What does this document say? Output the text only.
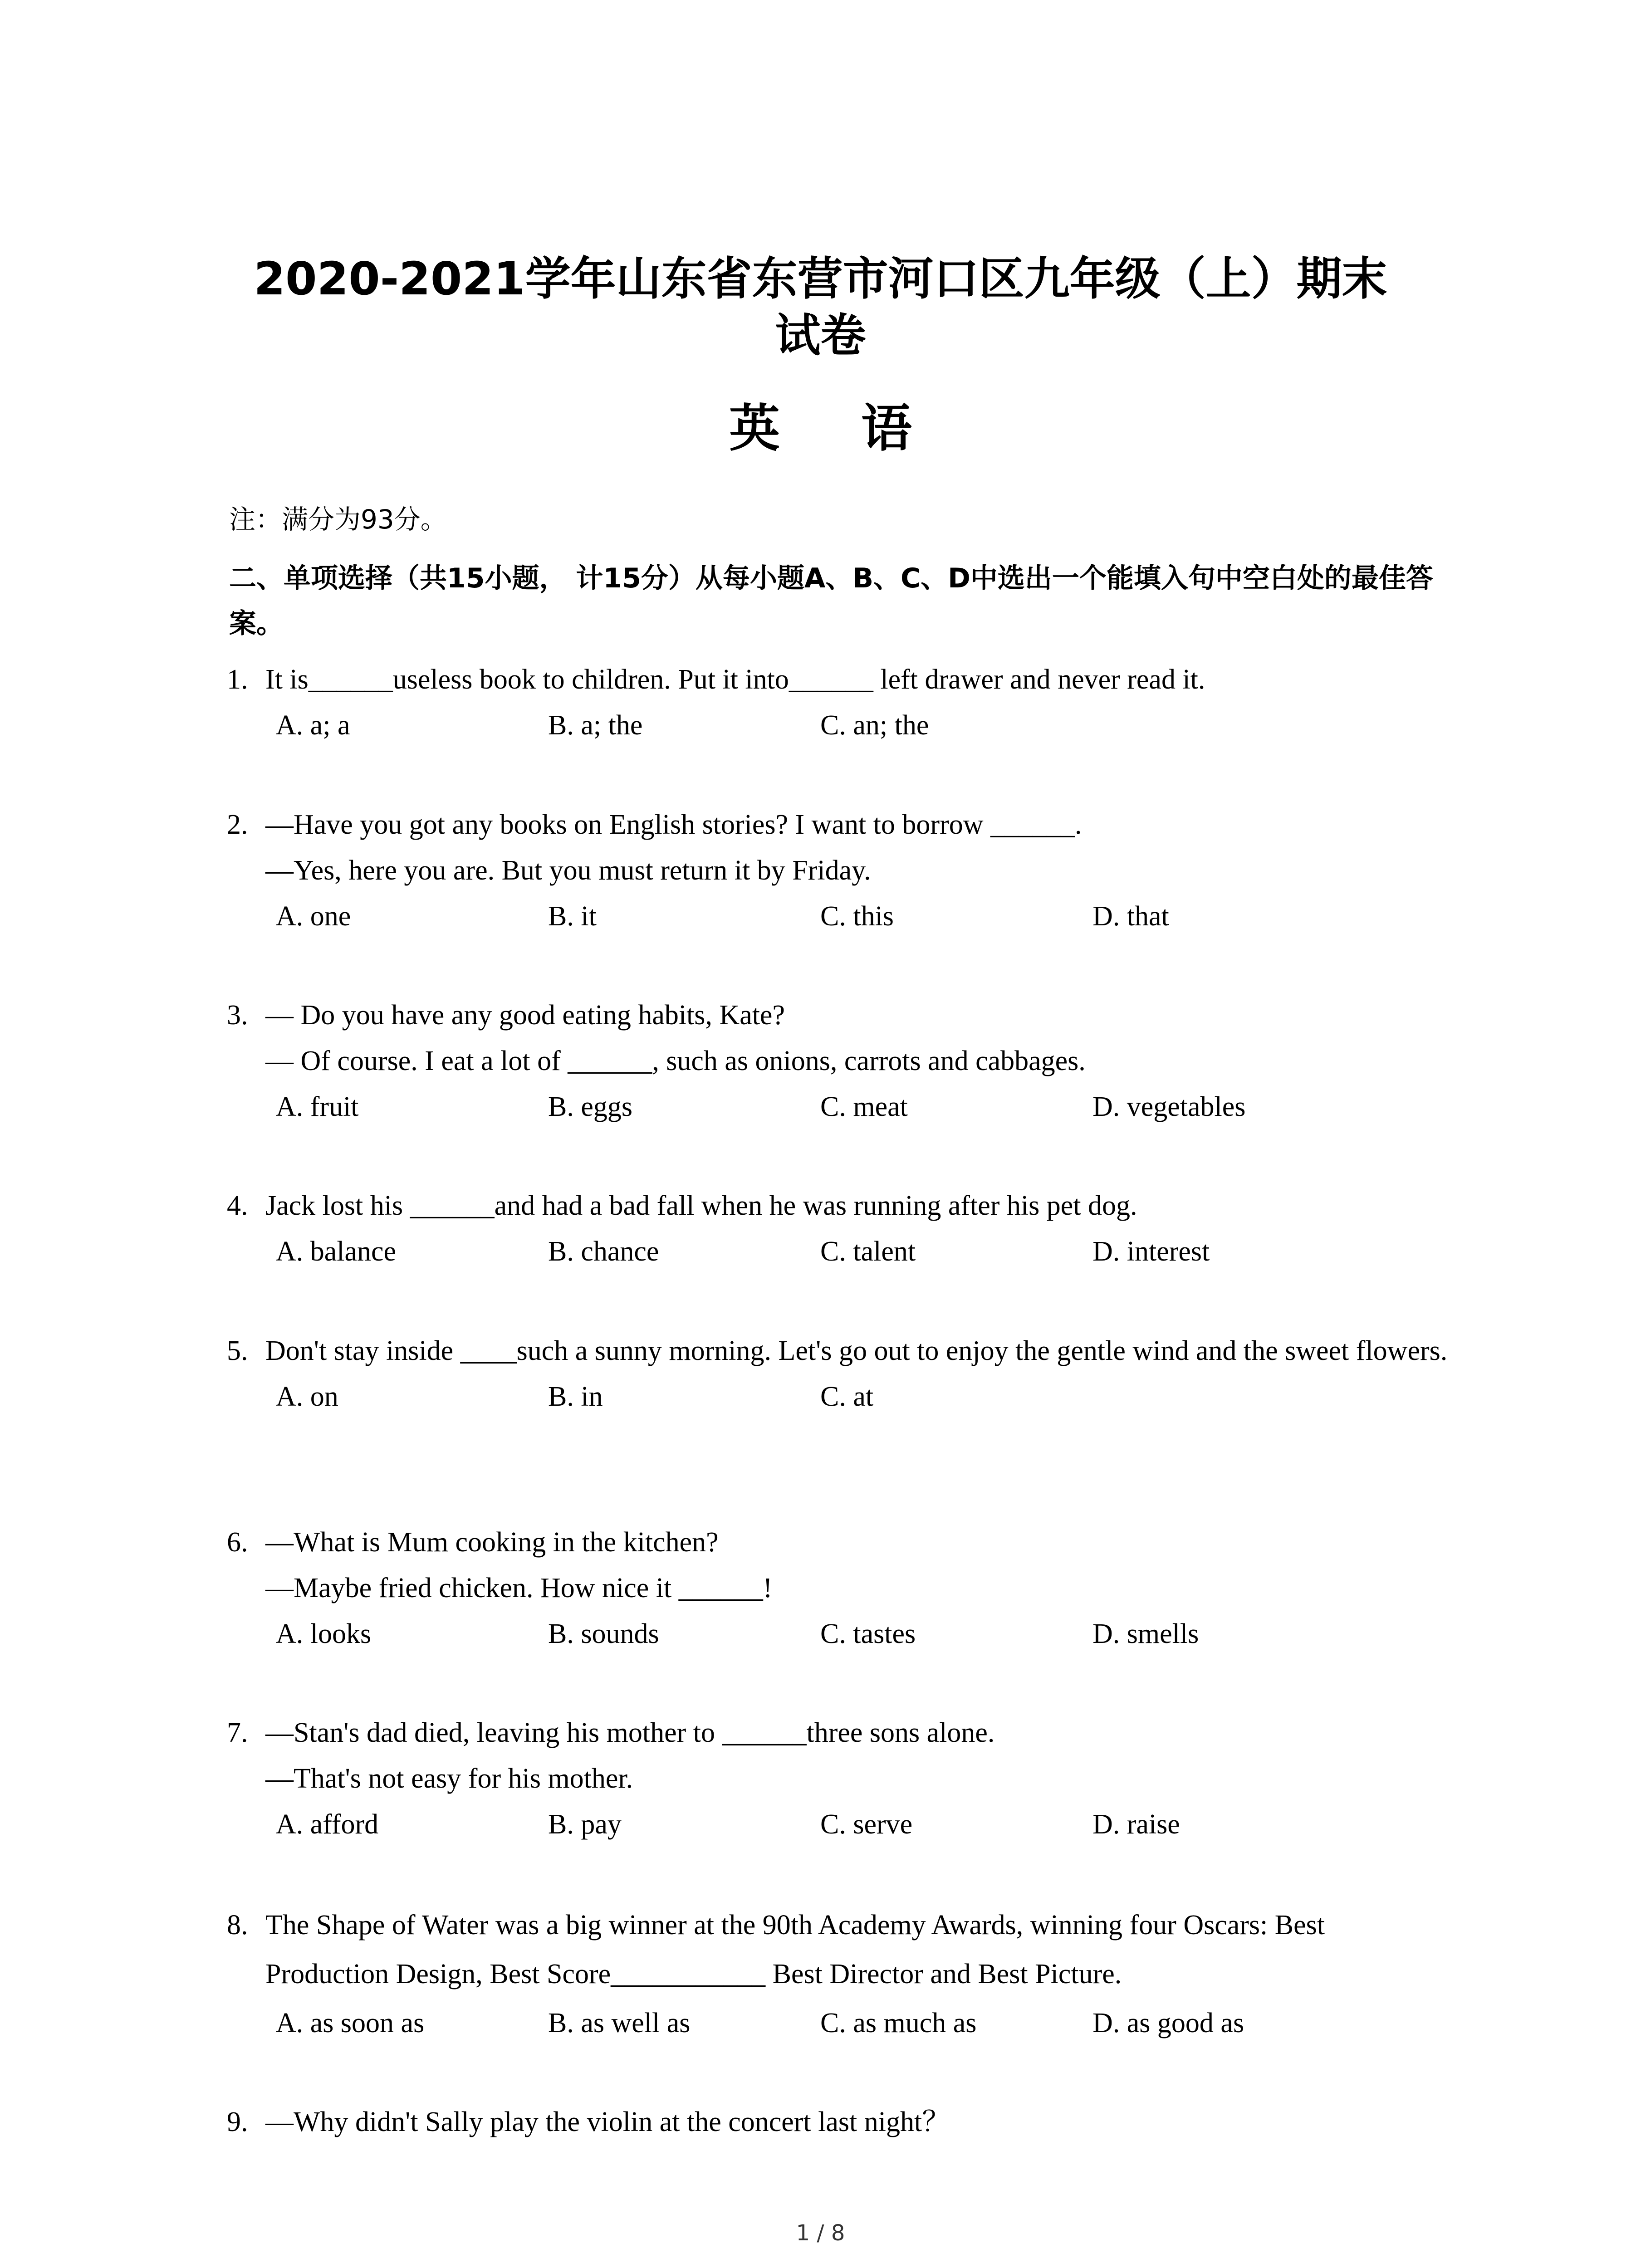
2020-2021学年山东省东营市河口区九年级（上）期末
试卷
英 语
注：满分为93分。
二、单项选择（共15小题， 计15分）从每小题A、B、C、D中选出一个能填入句中空白处的最佳答案。
1. It is______useless book to children. Put it into______ left drawer and never read it.
A. a; a	B. a; the	C. an; the
2. —Have you got any books on English stories? I want to borrow ______.
—Yes, here you are. But you must return it by Friday.
A. one	B. it	C. this	D. that
3. — Do you have any good eating habits, Kate?
— Of course. I eat a lot of ______, such as onions, carrots and cabbages.
A. fruit	B. eggs	C. meat	D. vegetables
4. Jack lost his ______and had a bad fall when he was running after his pet dog.
A. balance	B. chance	C. talent	D. interest
5. Don't stay inside ____such a sunny morning. Let's go out to enjoy the gentle wind and the sweet flowers.
A. on	B. in	C. at
6. —What is Mum cooking in the kitchen?
—Maybe fried chicken. How nice it ______!
A. looks	B. sounds	C. tastes	D. smells
7. —Stan's dad died, leaving his mother to ______three sons alone.
—That's not easy for his mother.
A. afford	B. pay	C. serve	D. raise
8. The Shape of Water was a big winner at the 90th Academy Awards, winning four Oscars: Best Production Design, Best Score___________ Best Director and Best Picture.
A. as soon as	B. as well as	C. as much as	D. as good as
9. —Why didn't Sally play the violin at the concert last night？
1 / 8
